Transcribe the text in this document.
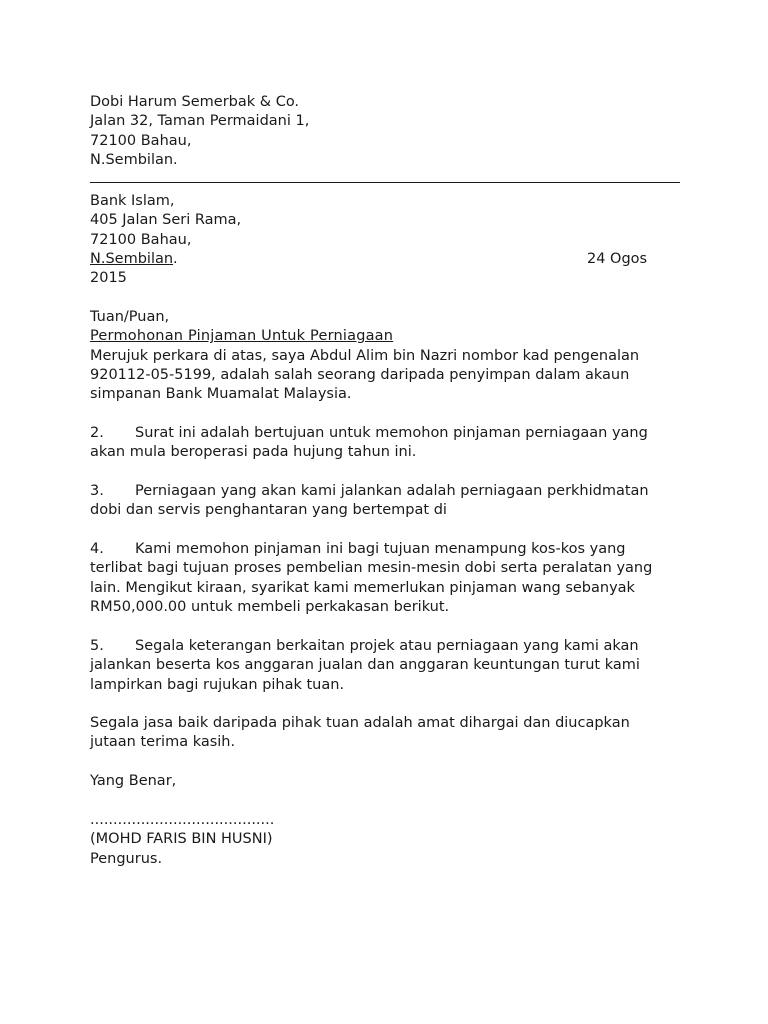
Dobi Harum Semerbak & Co.
Jalan 32, Taman Permaidani 1,
72100 Bahau,
N.Sembilan.
Bank Islam,
405 Jalan Seri Rama,
72100 Bahau,
N.Sembilan.
2015
24 Ogos
Tuan/Puan,
Permohonan Pinjaman Untuk Perniagaan
Merujuk perkara di atas, saya Abdul Alim bin Nazri nombor kad pengenalan
920112-05-5199, adalah salah seorang daripada penyimpan dalam akaun
simpanan Bank Muamalat Malaysia.
2. Surat ini adalah bertujuan untuk memohon pinjaman perniagaan yang
akan mula beroperasi pada hujung tahun ini.
3. Perniagaan yang akan kami jalankan adalah perniagaan perkhidmatan
dobi dan servis penghantaran yang bertempat di
4. Kami memohon pinjaman ini bagi tujuan menampung kos-kos yang
terlibat bagi tujuan proses pembelian mesin-mesin dobi serta peralatan yang
lain. Mengikut kiraan, syarikat kami memerlukan pinjaman wang sebanyak
RM50,000.00 untuk membeli perkakasan berikut.
5. Segala keterangan berkaitan projek atau perniagaan yang kami akan
jalankan beserta kos anggaran jualan dan anggaran keuntungan turut kami
lampirkan bagi rujukan pihak tuan.
Segala jasa baik daripada pihak tuan adalah amat dihargai dan diucapkan
jutaan terima kasih.
Yang Benar,
........................................
(MOHD FARIS BIN HUSNI)
Pengurus.
